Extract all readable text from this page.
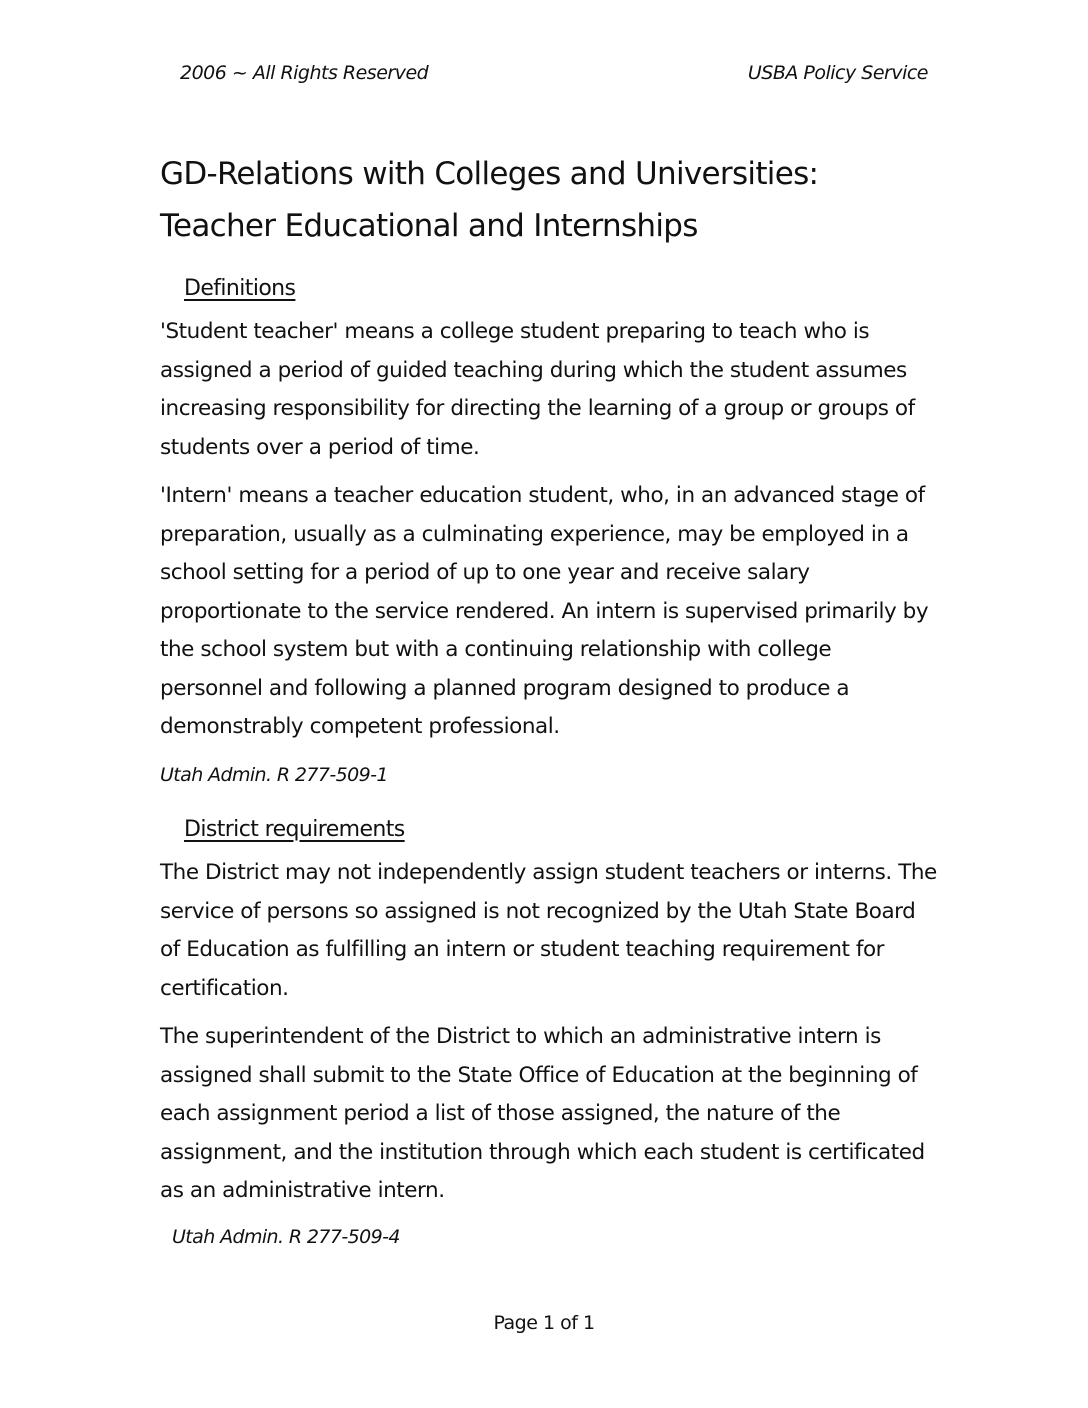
2006 ~ All Rights Reserved	USBA Policy Service
GD-Relations with Colleges and Universities: Teacher Educational and Internships
Definitions

'Student teacher' means a college student preparing to teach who is assigned a period of guided teaching during which the student assumes increasing responsibility for directing the learning of a group or groups of students over a period of time.

'Intern' means a teacher education student, who, in an advanced stage of preparation, usually as a culminating experience, may be employed in a school setting for a period of up to one year and receive salary proportionate to the service rendered. An intern is supervised primarily by the school system but with a continuing relationship with college personnel and following a planned program designed to produce a demonstrably competent professional.

Utah Admin. R 277-509-1

District requirements

The District may not independently assign student teachers or interns. The service of persons so assigned is not recognized by the Utah State Board of Education as fulfilling an intern or student teaching requirement for certification.

The superintendent of the District to which an administrative intern is assigned shall submit to the State Office of Education at the beginning of each assignment period a list of those assigned, the nature of the assignment, and the institution through which each student is certificated as an administrative intern.

Utah Admin. R 277-509-4

Page 1 of 1
